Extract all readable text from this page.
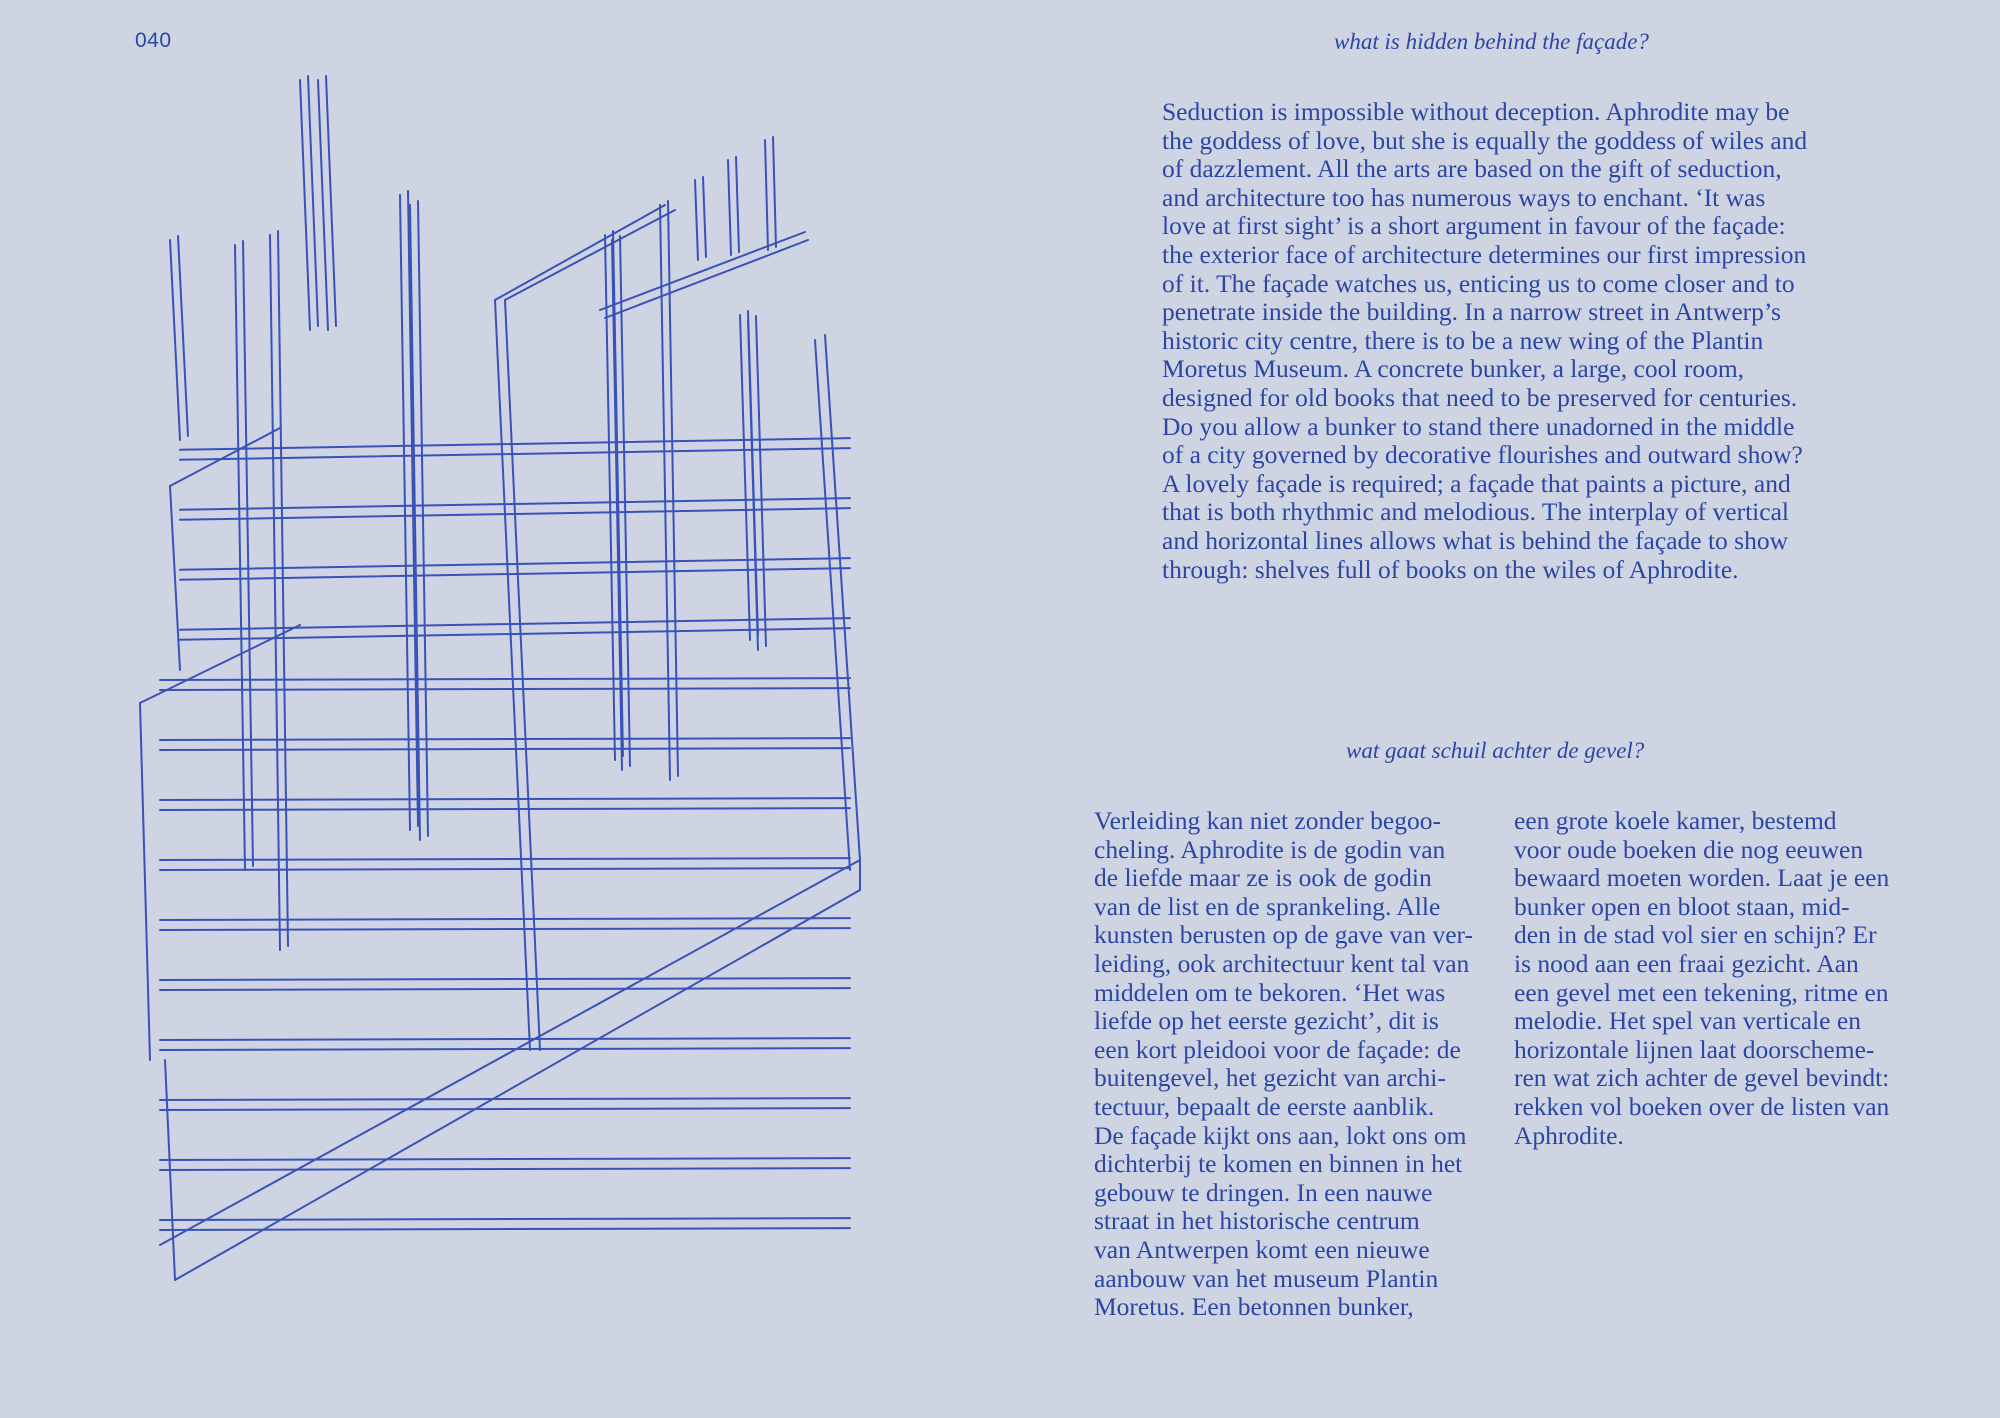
040	what is hidden behind the façade?
Seduction is impossible without deception. Aphrodite may be
the goddess of love, but she is equally the goddess of wiles and
of dazzlement. All the arts are based on the gift of seduction,
and architecture too has numerous ways to enchant. ‘It was
love at first sight’ is a short argument in favour of the façade:
the exterior face of architecture determines our first impression
of it. The façade watches us, enticing us to come closer and to
penetrate inside the building. In a narrow street in Antwerp’s
historic city centre, there is to be a new wing of the Plantin
Moretus Museum. A concrete bunker, a large, cool room,
designed for old books that need to be preserved for centuries.
Do you allow a bunker to stand there unadorned in the middle
of a city governed by decorative flourishes and outward show?
A lovely façade is required; a façade that paints a picture, and
that is both rhythmic and melodious. The interplay of vertical
and horizontal lines allows what is behind the façade to show
through: shelves full of books on the wiles of Aphrodite.
wat gaat schuil achter de gevel?
Verleiding kan niet zonder begoo-
cheling. Aphrodite is de godin van
de liefde maar ze is ook de godin
van de list en de sprankeling. Alle
kunsten berusten op de gave van ver-
leiding, ook architectuur kent tal van
middelen om te bekoren. ‘Het was
liefde op het eerste gezicht’, dit is
een kort pleidooi voor de façade: de
buitengevel, het gezicht van archi-
tectuur, bepaalt de eerste aanblik.
De façade kijkt ons aan, lokt ons om
dichterbij te komen en binnen in het
gebouw te dringen. In een nauwe
straat in het historische centrum
van Antwerpen komt een nieuwe
aanbouw van het museum Plantin
Moretus. Een betonnen bunker,
een grote koele kamer, bestemd
voor oude boeken die nog eeuwen
bewaard moeten worden. Laat je een
bunker open en bloot staan, mid-
den in de stad vol sier en schijn? Er
is nood aan een fraai gezicht. Aan
een gevel met een tekening, ritme en
melodie. Het spel van verticale en
horizontale lijnen laat doorscheme-
ren wat zich achter de gevel bevindt:
rekken vol boeken over de listen van
Aphrodite.
